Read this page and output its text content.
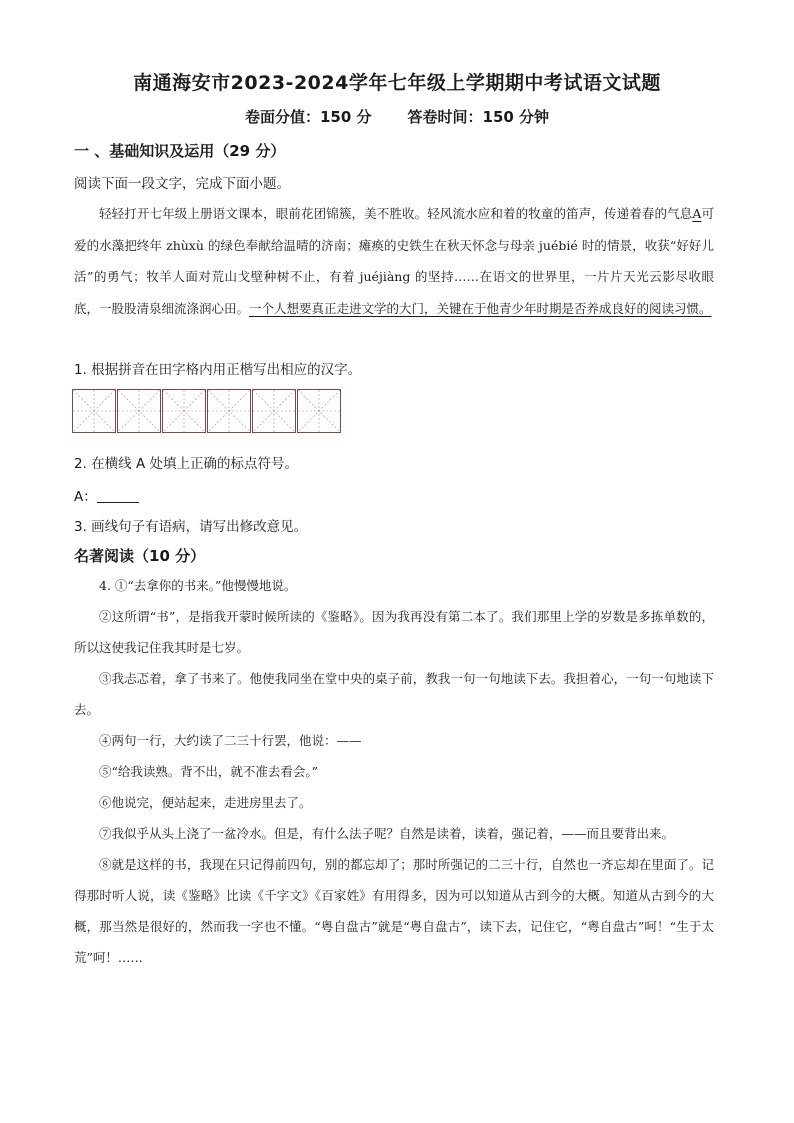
南通海安市2023-2024学年七年级上学期期中考试语文试题
卷面分值：150 分 答卷时间：150 分钟
一 、基础知识及运用（29 分）
阅读下面一段文字，完成下面小题。
轻轻打开七年级上册语文课本，眼前花团锦簇，美不胜收。轻风流水应和着的牧童的笛声，传递着春的气息A可爱的水藻把终年 zhùxù 的绿色奉献给温晴的济南；瘫痪的史铁生在秋天怀念与母亲 juébié 时的情景，收获“好好儿活”的勇气；牧羊人面对荒山戈壁种树不止，有着 juéjiàng 的坚持……在语文的世界里，一片片天光云影尽收眼底，一股股清泉细流涤润心田。一个人想要真正走进文学的大门，关键在于他青少年时期是否养成良好的阅读习惯。
1. 根据拼音在田字格内用正楷写出相应的汉字。
2. 在横线 A 处填上正确的标点符号。
A：
3. 画线句子有语病，请写出修改意见。
名著阅读（10 分）
4. ①“去拿你的书来。”他慢慢地说。
②这所谓“书”，是指我开蒙时候所读的《鉴略》。因为我再没有第二本了。我们那里上学的岁数是多拣单数的，所以这使我记住我其时是七岁。
③我忐忑着，拿了书来了。他使我同坐在堂中央的桌子前，教我一句一句地读下去。我担着心，一句一句地读下去。
④两句一行，大约读了二三十行罢，他说：——
⑤“给我读熟。背不出，就不准去看会。”
⑥他说完，便站起来，走进房里去了。
⑦我似乎从头上浇了一盆冷水。但是，有什么法子呢？自然是读着，读着，强记着，——而且要背出来。
⑧就是这样的书，我现在只记得前四句，别的都忘却了；那时所强记的二三十行，自然也一齐忘却在里面了。记得那时听人说，读《鉴略》比读《千字文》《百家姓》有用得多，因为可以知道从古到今的大概。知道从古到今的大概，那当然是很好的，然而我一字也不懂。“粤自盘古”就是“粤自盘古”，读下去，记住它，“粤自盘古”呵！“生于太荒”呵！……
